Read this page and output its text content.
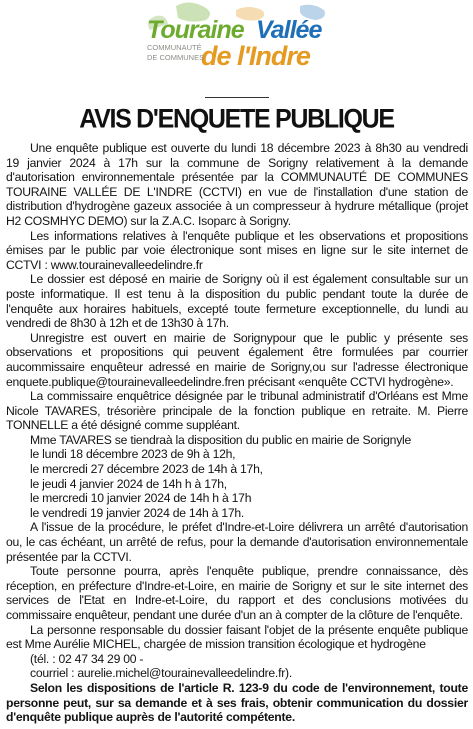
Touraine Vallée
de l'Indre
COMMUNAUTÉ
DE COMMUNES
AVIS D'ENQUETE PUBLIQUE

Une enquête publique est ouverte du lundi 18 décembre 2023 à 8h30 au vendredi 19 janvier 2024 à 17h sur la commune de Sorigny relativement à la demande d'autorisation environnementale présentée par la COMMUNAUTÉ DE COMMUNES TOURAINE VALLÉE DE L'INDRE (CCTVI) en vue de l'installation d'une station de distribution d'hydrogène gazeux associée à un compresseur à hydrure métallique (projet H2 COSMHYC DEMO) sur la Z.A.C. Isoparc à Sorigny.

Les informations relatives à l'enquête publique et les observations et propositions émises par le public par voie électronique sont mises en ligne sur le site internet de CCTVI : www.tourainevalleedelindre.fr

Le dossier est déposé en mairie de Sorigny où il est également consultable sur un poste informatique. Il est tenu à la disposition du public pendant toute la durée de l'enquête aux horaires habituels, excepté toute fermeture exceptionnelle, du lundi au vendredi de 8h30 à 12h et de 13h30 à 17h.

Unregistre est ouvert en mairie de Sorignypour que le public y présente ses observations et propositions qui peuvent également être formulées par courrier aucommissaire enquêteur adressé en mairie de Sorigny,ou sur l'adresse électronique enquete.publique@tourainevalleedelindre.fren précisant «enquête CCTVI hydrogène».

La commissaire enquêtrice désignée par le tribunal administratif d'Orléans est Mme Nicole TAVARES, trésorière principale de la fonction publique en retraite. M. Pierre TONNELLE a été désigné comme suppléant.

Mme TAVARES se tiendraà la disposition du public en mairie de Sorignyle

le lundi 18 décembre 2023 de 9h à 12h,

le mercredi 27 décembre 2023 de 14h à 17h,

le jeudi 4 janvier 2024 de 14h h à 17h,

le mercredi 10 janvier 2024 de 14h h à 17h

le vendredi 19 janvier 2024 de 14h à 17h.

A l'issue de la procédure, le préfet d'Indre-et-Loire délivrera un arrêté d'autorisation ou, le cas échéant, un arrêté de refus, pour la demande d'autorisation environnementale présentée par la CCTVI.

Toute personne pourra, après l'enquête publique, prendre connaissance, dès réception, en préfecture d'Indre-et-Loire, en mairie de Sorigny et sur le site internet des services de l'Etat en Indre-et-Loire, du rapport et des conclusions motivées du commissaire enquêteur, pendant une durée d'un an à compter de la clôture de l'enquête.

La personne responsable du dossier faisant l'objet de la présente enquête publique est Mme Aurélie MICHEL, chargée de mission transition écologique et hydrogène

(tél. : 02 47 34 29 00 -

courriel : aurelie.michel@tourainevalleedelindre.fr).

Selon les dispositions de l'article R. 123-9 du code de l'environnement, toute personne peut, sur sa demande et à ses frais, obtenir communication du dossier d'enquête publique auprès de l'autorité compétente.
